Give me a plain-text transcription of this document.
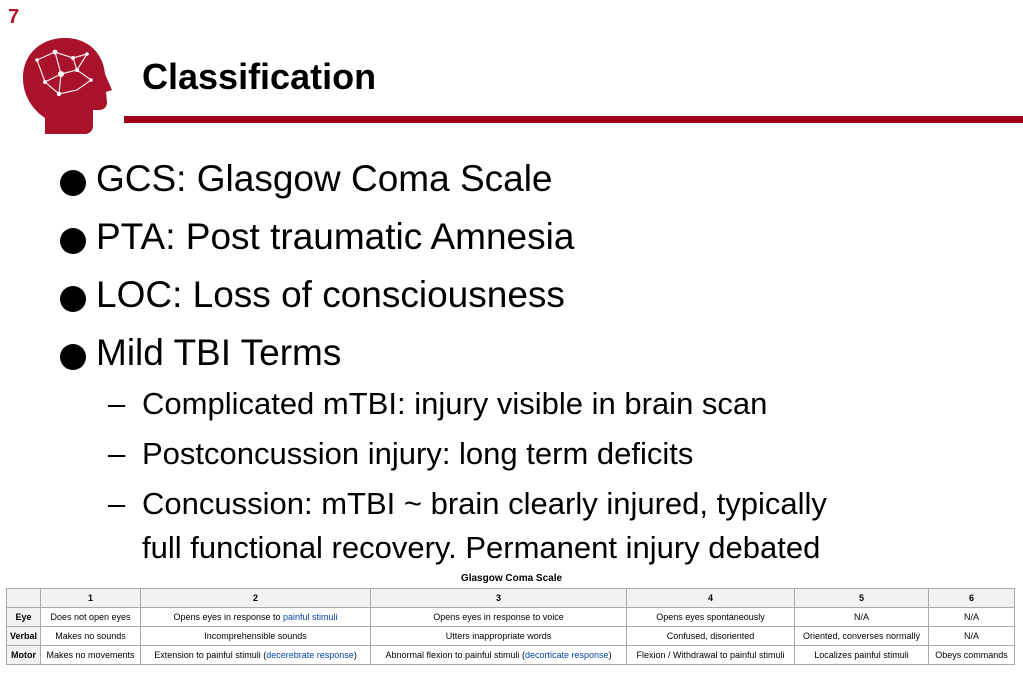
7
Classification
GCS: Glasgow Coma Scale
PTA: Post traumatic Amnesia
LOC: Loss of consciousness
Mild TBI Terms
– Complicated mTBI: injury visible in brain scan
– Postconcussion injury: long term deficits
– Concussion: mTBI ~ brain clearly injured, typically
full functional recovery. Permanent injury debated
Glasgow Coma Scale
	1	2	3	4	5	6
Eye	Does not open eyes	Opens eyes in response to painful stimuli	Opens eyes in response to voice	Opens eyes spontaneously	N/A	N/A
Verbal	Makes no sounds	Incomprehensible sounds	Utters inappropriate words	Confused, disoriented	Oriented, converses normally	N/A
Motor	Makes no movements	Extension to painful stimuli (decerebrate response)	Abnormal flexion to painful stimuli (decorticate response)	Flexion / Withdrawal to painful stimuli	Localizes painful stimuli	Obeys commands
